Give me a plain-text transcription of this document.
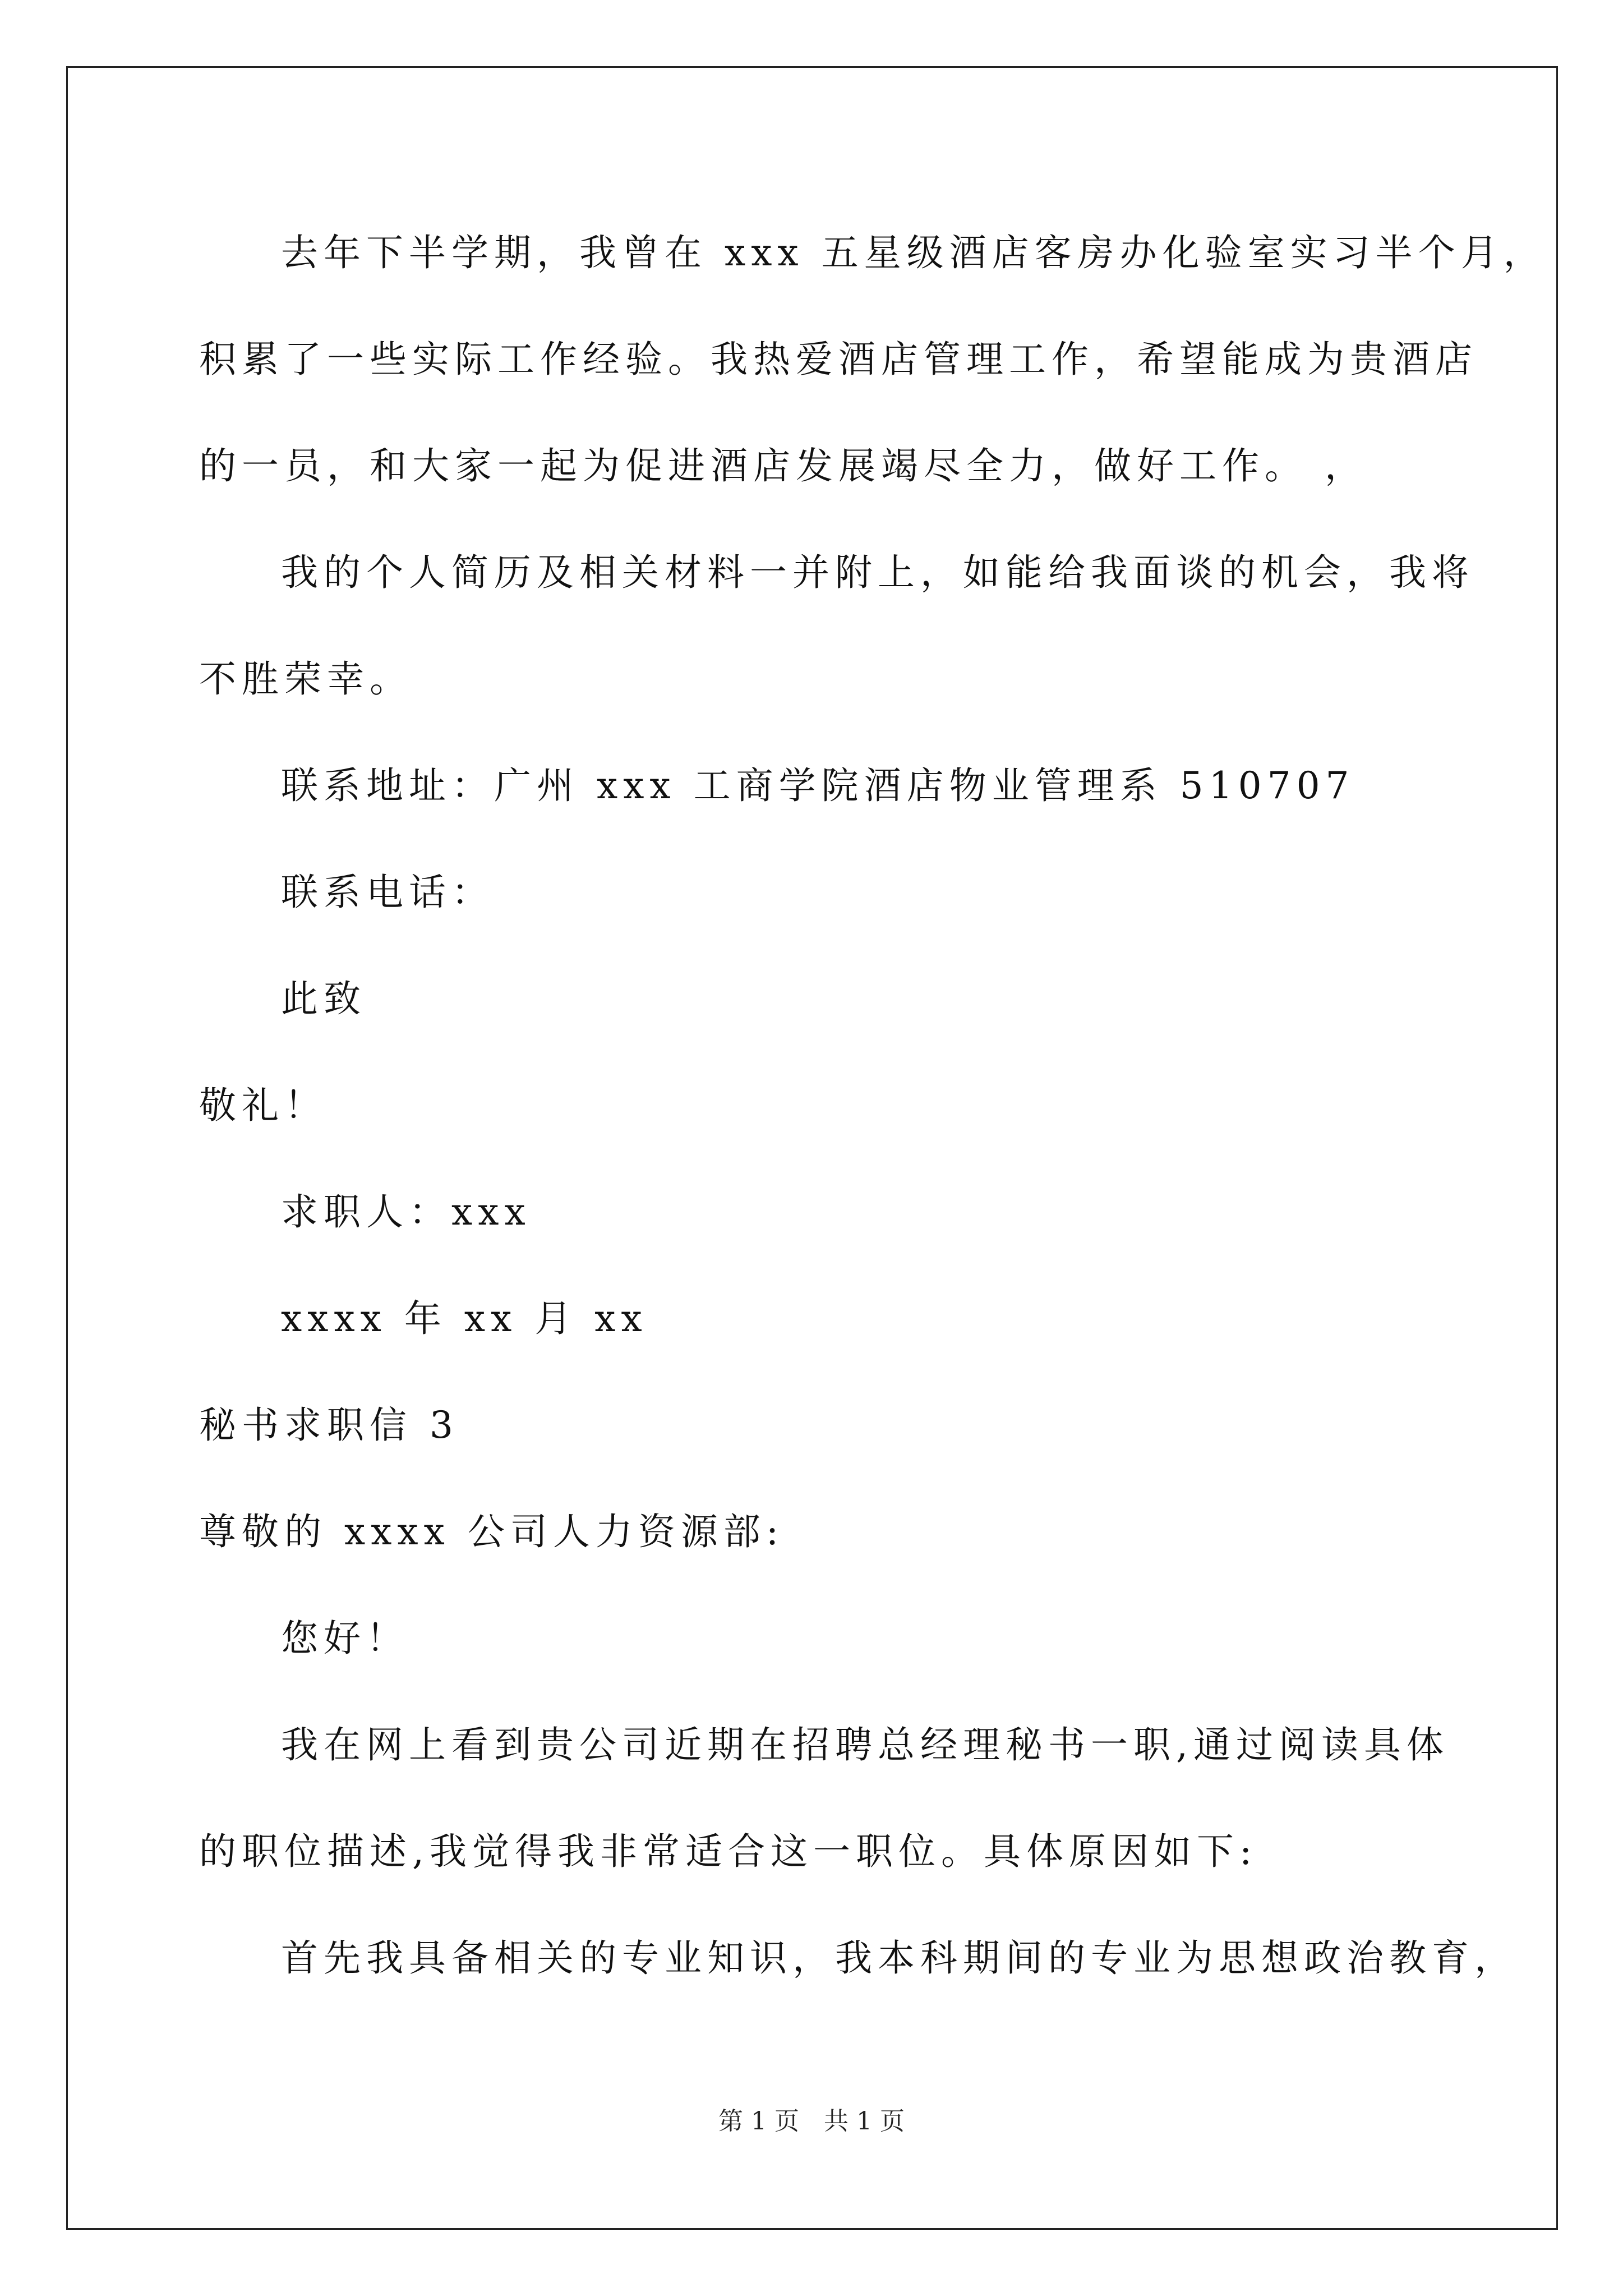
去年下半学期，我曾在 xxx 五星级酒店客房办化验室实习半个月，
积累了一些实际工作经验。我热爱酒店管理工作，希望能成为贵酒店
的一员，和大家一起为促进酒店发展竭尽全力，做好工作。 ，
我的个人简历及相关材料一并附上，如能给我面谈的机会，我将
不胜荣幸。
联系地址：广州 xxx 工商学院酒店物业管理系 510707
联系电话：
此致
敬礼！
求职人：xxx
xxxx 年 xx 月 xx
秘书求职信 3
尊敬的 xxxx 公司人力资源部:
您好！
我在网上看到贵公司近期在招聘总经理秘书一职,通过阅读具体
的职位描述,我觉得我非常适合这一职位。具体原因如下:
首先我具备相关的专业知识，我本科期间的专业为思想政治教育，
第 1 页　共 1 页
